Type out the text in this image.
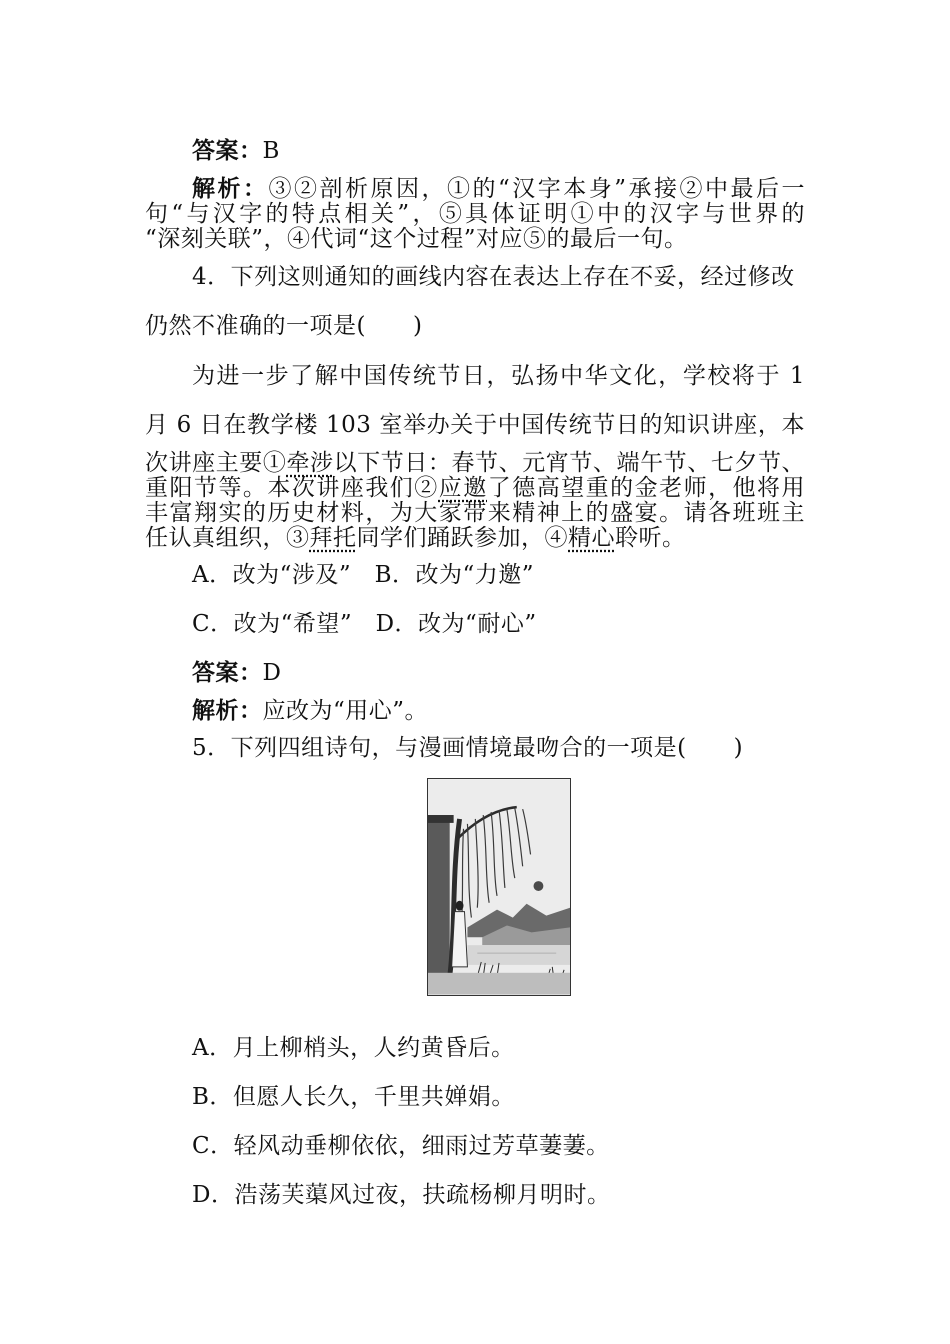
答案：B
解析：③②剖析原因，①的“汉字本身”承接②中最后一
句“与汉字的特点相关”，⑤具体证明①中的汉字与世界的
“深刻关联”，④代词“这个过程”对应⑤的最后一句。
4．下列这则通知的画线内容在表达上存在不妥，经过修改
仍然不准确的一项是(　　)
为进一步了解中国传统节日，弘扬中华文化，学校将于 1
月 6 日在教学楼 103 室举办关于中国传统节日的知识讲座，本
次讲座主要①牵涉以下节日：春节、元宵节、端午节、七夕节、
重阳节等。本次讲座我们②应邀了德高望重的金老师，他将用
丰富翔实的历史材料，为大家带来精神上的盛宴。请各班班主
任认真组织，③拜托同学们踊跃参加，④精心聆听。
A．改为“涉及”　B．改为“力邀”
C．改为“希望”　D．改为“耐心”
答案：D
解析：应改为“用心”。
5．下列四组诗句，与漫画情境最吻合的一项是(　　)
A．月上柳梢头，人约黄昏后。
B．但愿人长久，千里共婵娟。
C．轻风动垂柳依依，细雨过芳草萋萋。
D．浩荡芙蕖风过夜，扶疏杨柳月明时。
